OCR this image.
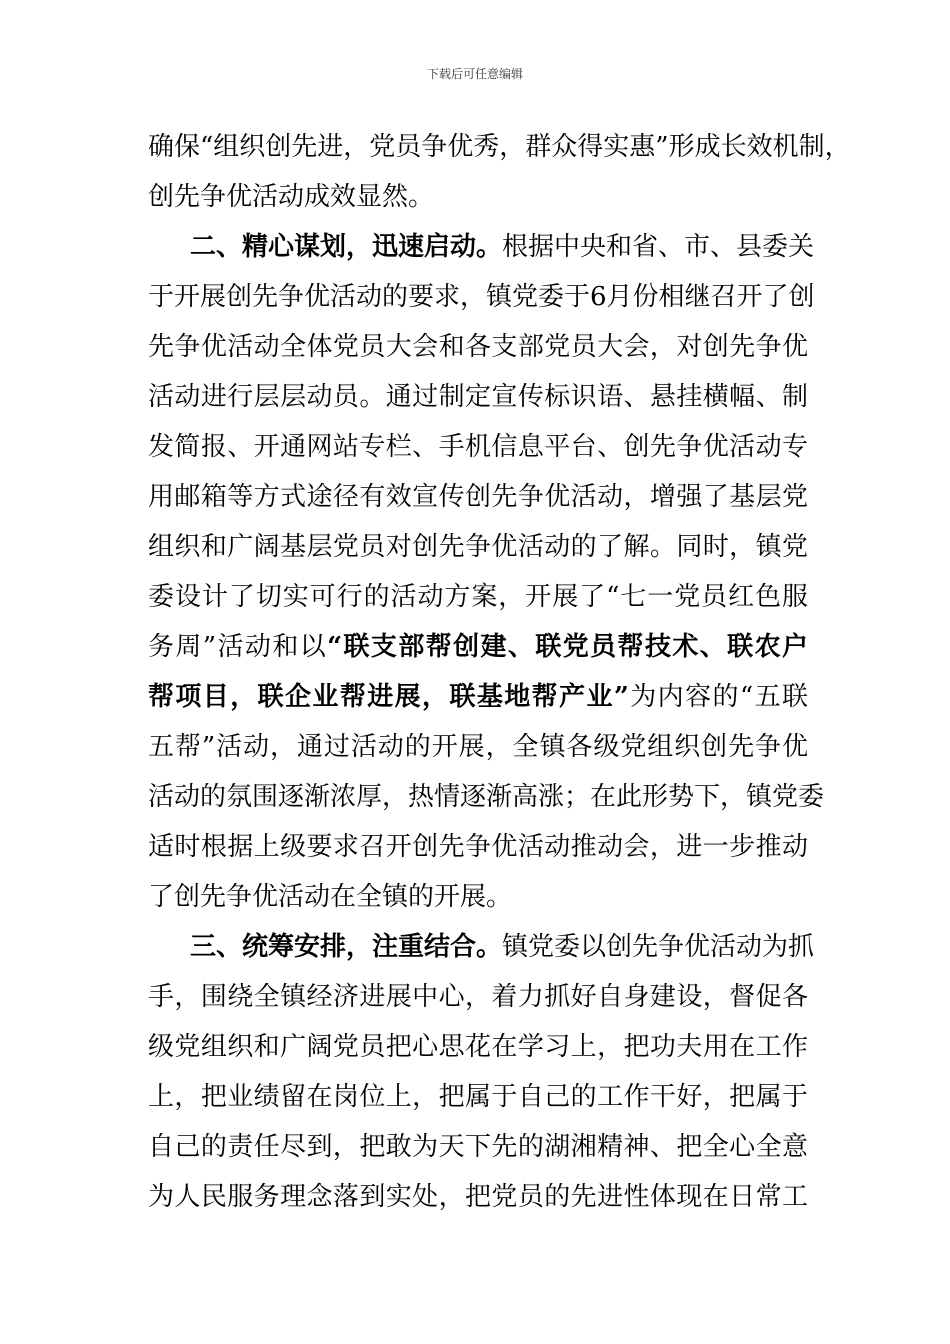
下载后可任意编辑
确保“组织创先进，党员争优秀，群众得实惠”形成长效机制，
创先争优活动成效显然。
二、精心谋划，迅速启动。根据中央和省、市、县委关
于开展创先争优活动的要求，镇党委于6月份相继召开了创
先争优活动全体党员大会和各支部党员大会，对创先争优
活动进行层层动员。通过制定宣传标识语、悬挂横幅、制
发简报、开通网站专栏、手机信息平台、创先争优活动专
用邮箱等方式途径有效宣传创先争优活动，增强了基层党
组织和广阔基层党员对创先争优活动的了解。同时，镇党
委设计了切实可行的活动方案，开展了“七一党员红色服
务周”活动和以“联支部帮创建、联党员帮技术、联农户
帮项目，联企业帮进展，联基地帮产业”为内容的“五联
五帮”活动，通过活动的开展，全镇各级党组织创先争优
活动的氛围逐渐浓厚，热情逐渐高涨；在此形势下，镇党委
适时根据上级要求召开创先争优活动推动会，进一步推动
了创先争优活动在全镇的开展。
三、统筹安排，注重结合。镇党委以创先争优活动为抓
手，围绕全镇经济进展中心，着力抓好自身建设，督促各
级党组织和广阔党员把心思花在学习上，把功夫用在工作
上，把业绩留在岗位上，把属于自己的工作干好，把属于
自己的责任尽到，把敢为天下先的湖湘精神、把全心全意
为人民服务理念落到实处，把党员的先进性体现在日常工
